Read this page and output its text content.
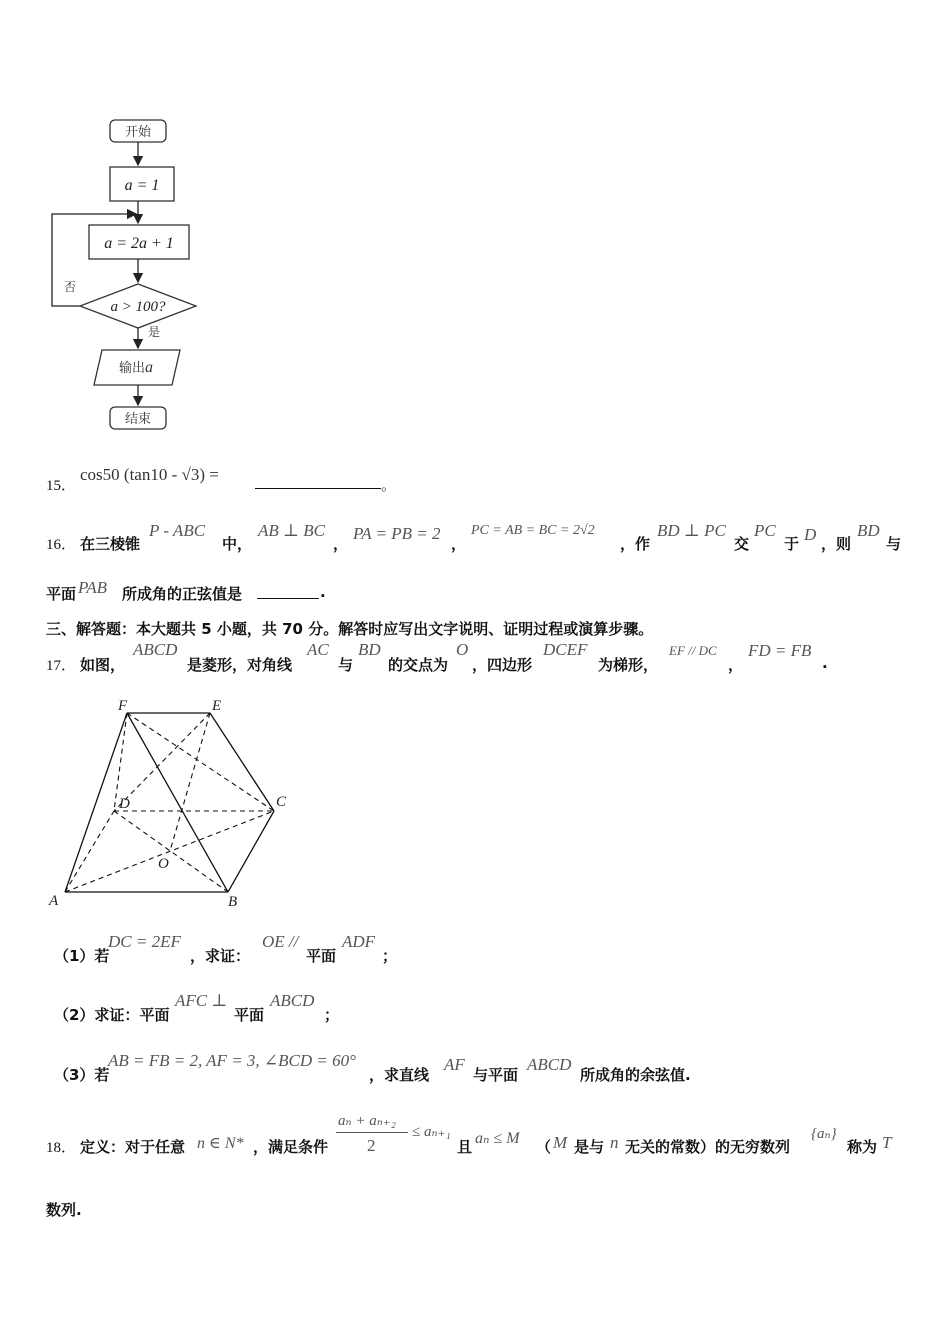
开始
a = 1
a = 2a + 1
a > 100?
否
是
输出a
结束
15．
cos50 (tan10 - √3) =
。
16． 在三棱锥
P - ABC
中，
AB ⊥ BC
，
PA = PB = 2
，
PC = AB = BC = 2√2
，作
BD ⊥ PC
交
PC
于 D ，则
BD
与
平面 PAB 所成角的正弦值是	.
三、解答题：本大题共 5 小题，共 70 分。解答时应写出文字说明、证明过程或演算步骤。
17． 如图，
ABCD
是菱形，对角线
AC
与
BD
的交点为
O
，四边形
DCEF
为梯形，
EF // DC
，
FD = FB
.
F	E
D	C
O
A	B
（1）若
DC = 2EF
，求证：
OE //
平面
ADF
；
（2）求证：平面
AFC ⊥
平面
ABCD
；
（3）若
AB = FB = 2, AF = 3, ∠BCD = 60°
，求直线
AF
与平面
ABCD
所成角的余弦值.
18． 定义：对于任意 n ∈ N* ，满足条件
aₙ + aₙ₊₂
2
≤ aₙ₊₁
且 aₙ ≤ M （ M 是与 n 无关的常数）的无穷数列
{aₙ}
称为 T
数列.
